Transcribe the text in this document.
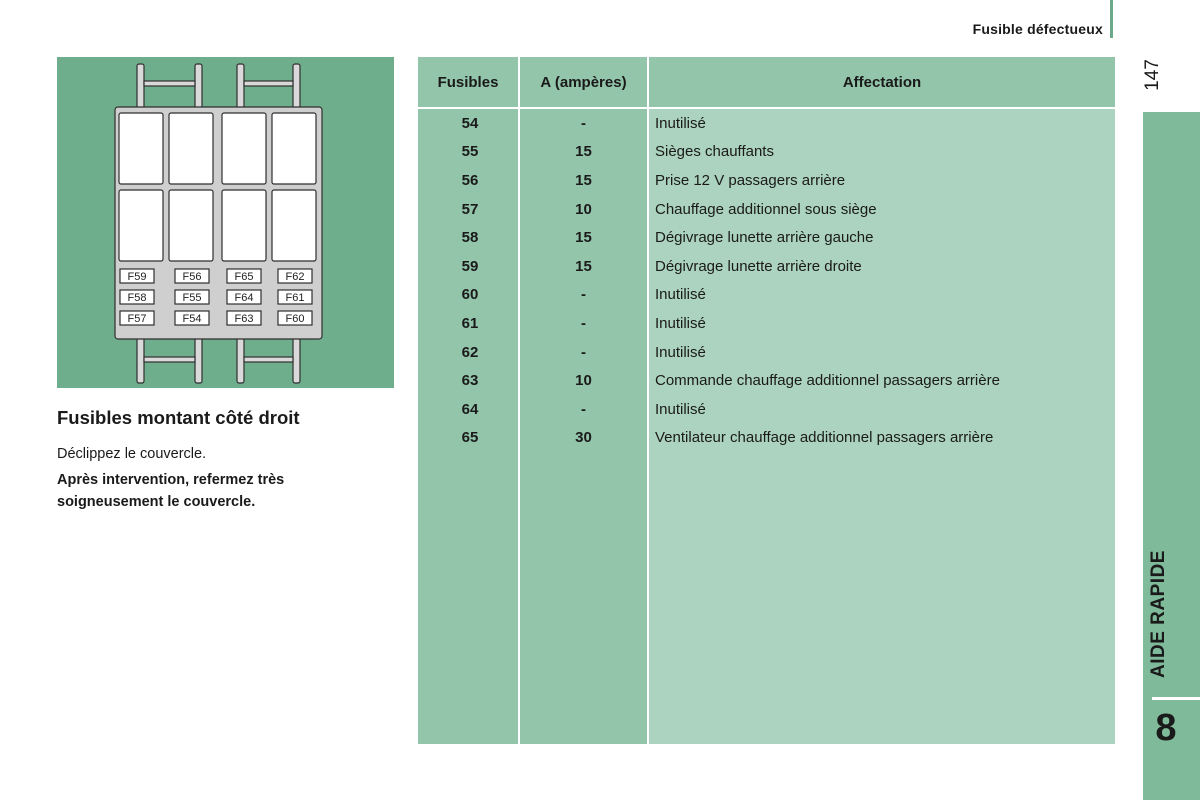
Fusible défectueux
147
AIDE RAPIDE
8
F59	F56	F65	F62
F58	F55	F64	F61
F57	F54	F63	F60
Fusibles montant côté droit
Déclippez le couvercle.
Après intervention, refermez très soigneusement le couvercle.
Fusibles	A (ampères)	Affectation
54	-	Inutilisé
55	15	Sièges chauffants
56	15	Prise 12 V passagers arrière
57	10	Chauffage additionnel sous siège
58	15	Dégivrage lunette arrière gauche
59	15	Dégivrage lunette arrière droite
60	-	Inutilisé
61	-	Inutilisé
62	-	Inutilisé
63	10	Commande chauffage additionnel passagers arrière
64	-	Inutilisé
65	30	Ventilateur chauffage additionnel passagers arrière
